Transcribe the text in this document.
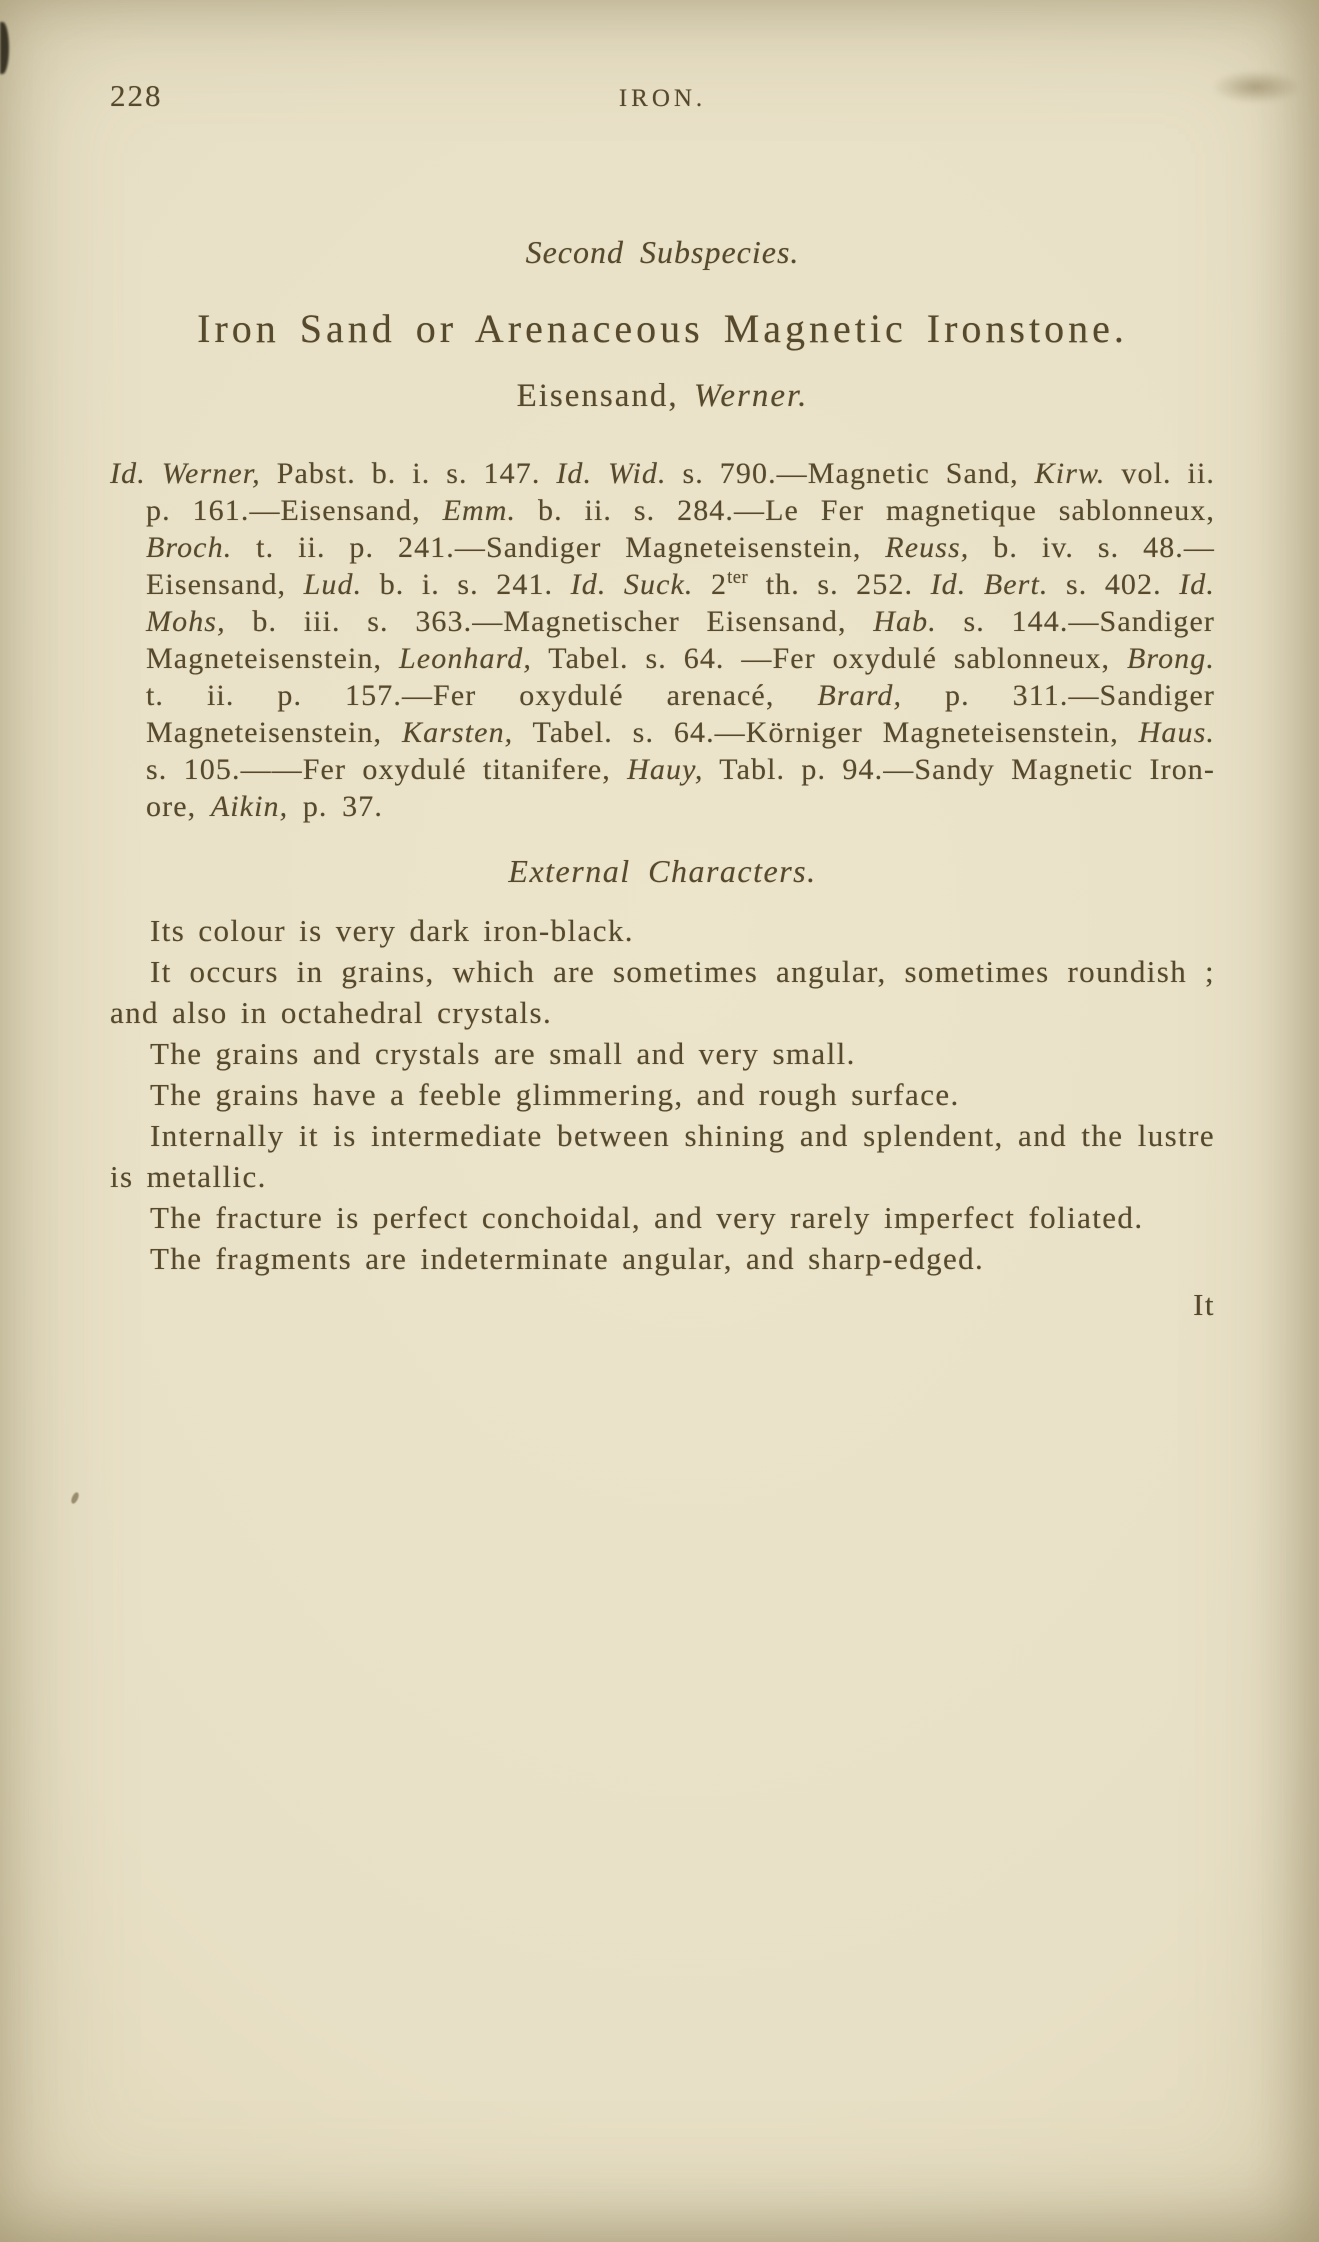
228	IRON.
Second Subspecies.
Iron Sand or Arenaceous Magnetic Ironstone.
Eisensand, Werner.

Id. Werner, Pabst. b. i. s. 147. Id. Wid. s. 790.—Magnetic Sand, Kirw. vol. ii. p. 161.—Eisensand, Emm. b. ii. s. 284.—Le Fer magnetique sablonneux, Broch. t. ii. p. 241.—Sandiger Magneteisenstein, Reuss, b. iv. s. 48.—Eisensand, Lud. b. i. s. 241. Id. Suck. $2^{ter}$ th. s. 252. Id. Bert. s. 402. Id. Mohs, b. iii. s. 363.—Magnetischer Eisensand, Hab. s. 144.—Sandiger Magneteisenstein, Leonhard, Tabel. s. 64. —Fer oxydulé sablonneux, Brong. t. ii. p. 157.—Fer oxydulé arenacé, Brard, p. 311.—Sandiger Magneteisenstein, Karsten, Tabel. s. 64.—Körniger Magneteisenstein, Haus. s. 105.——Fer oxydulé titanifere, Hauy, Tabl. p. 94.—Sandy Magnetic Iron-ore, Aikin, p. 37.

External Characters.

Its colour is very dark iron-black.

It occurs in grains, which are sometimes angular, sometimes roundish ; and also in octahedral crystals.

The grains and crystals are small and very small.

The grains have a feeble glimmering, and rough surface.

Internally it is intermediate between shining and splendent, and the lustre is metallic.

The fracture is perfect conchoidal, and very rarely imperfect foliated.

The fragments are indeterminate angular, and sharp-edged.

It
